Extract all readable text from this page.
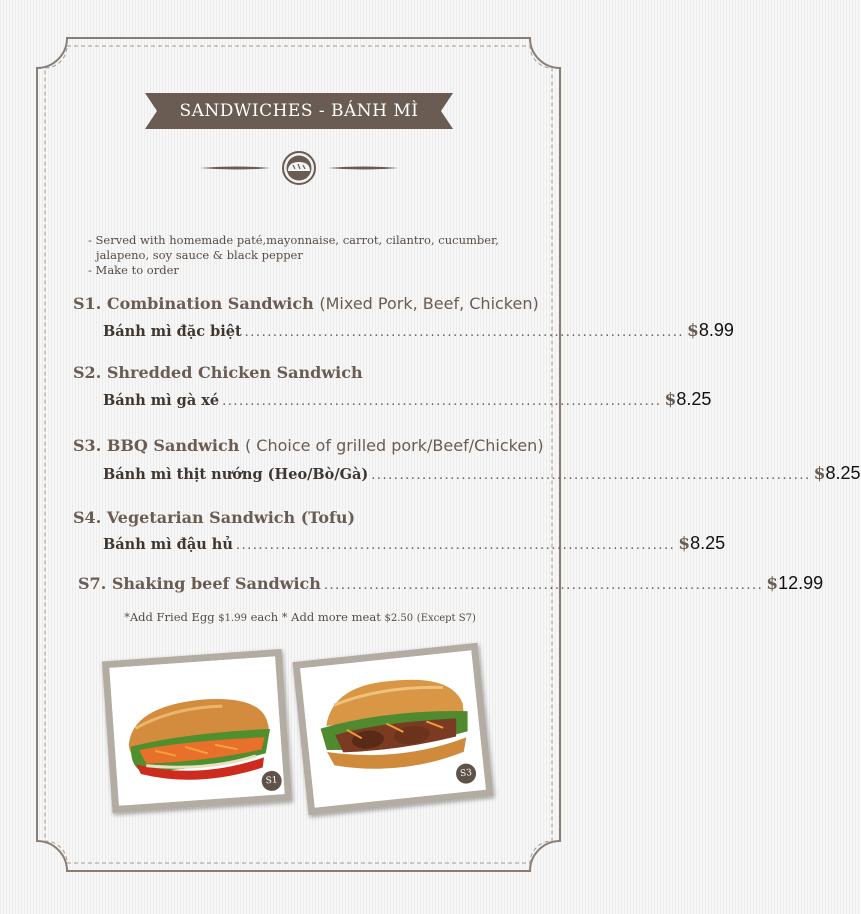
SANDWICHES - BÁNH MÌ
- Served with homemade paté,mayonnaise, carrot, cilantro, cucumber,
jalapeno, soy sauce & black pepper
- Make to order
S1. Combination Sandwich (Mixed Pork, Beef, Chicken)
Bánh mì đặc biệt .............................................................................. $8.99
S2. Shredded Chicken Sandwich
Bánh mì gà xé .............................................................................. $8.25
S3. BBQ Sandwich ( Choice of grilled pork/Beef/Chicken)
Bánh mì thịt nướng (Heo/Bò/Gà) .............................................................................. $8.25
S4. Vegetarian Sandwich (Tofu)
Bánh mì đậu hủ .............................................................................. $8.25
S7.
Shaking beef Sandwich .............................................................................. $12.99
*Add Fried Egg $1.99 each * Add more meat $2.50 (Except S7)
S1
S3
